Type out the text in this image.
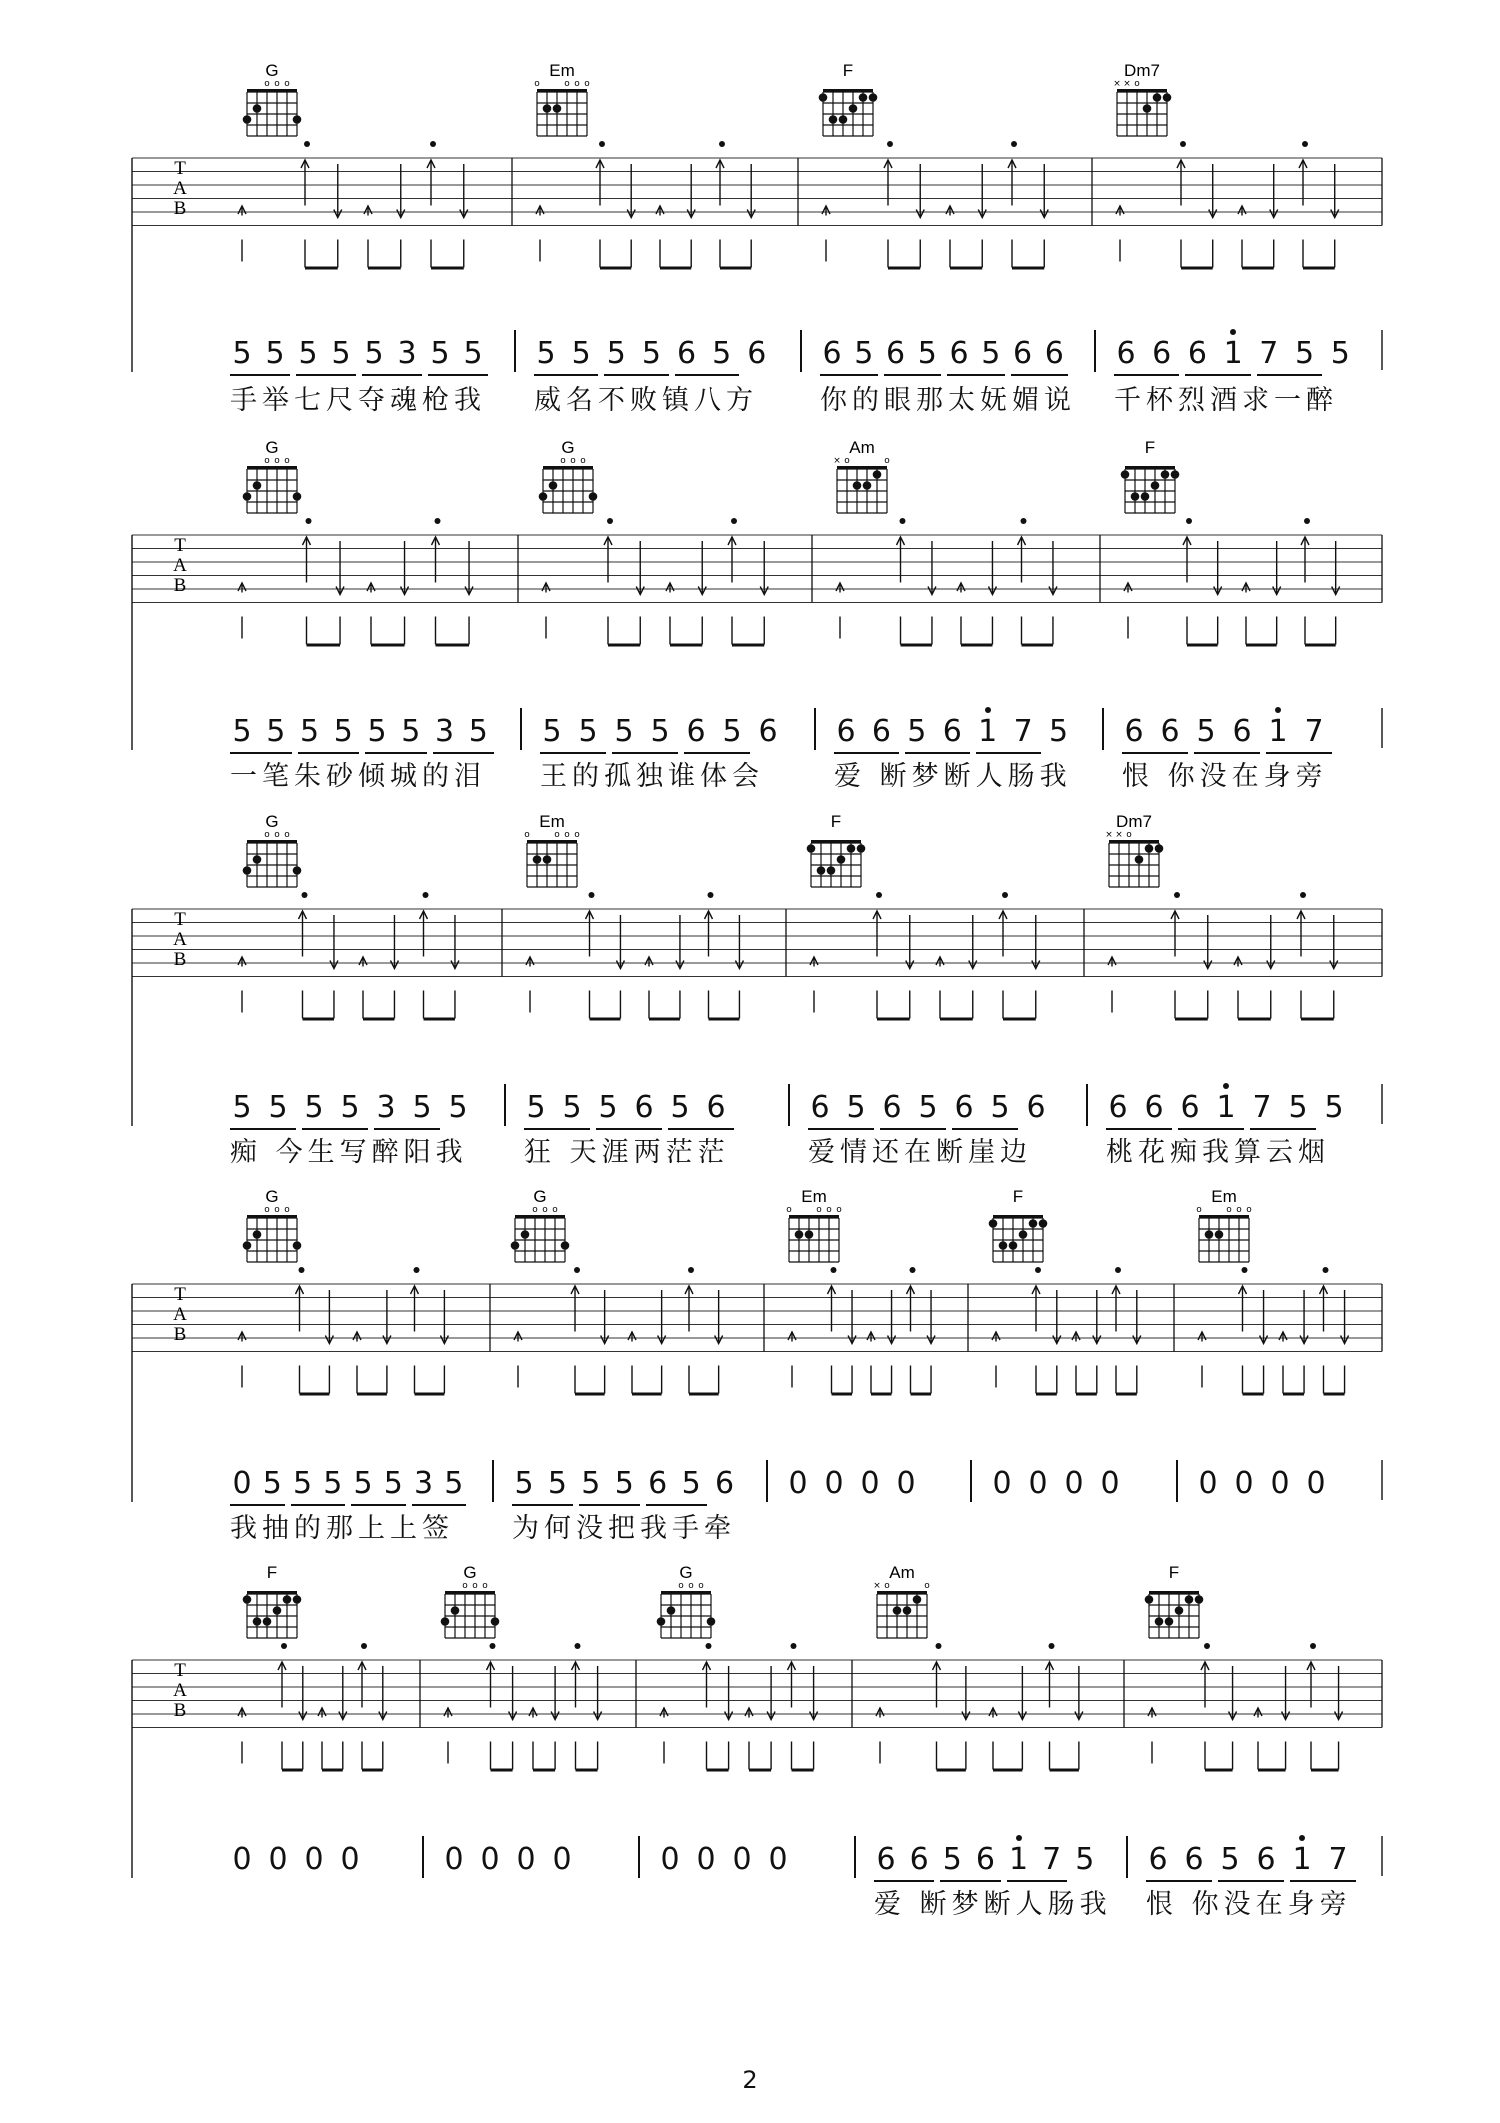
T
A
B
G
o o o
Em
o	o o o
F	Dm7
× × o
T
A
B
G
o o o
G
o o o
Am
× o	o
F
T
A
B
G
o o o
Em
o	o o o
F	Dm7
× × o
T
A
B
G
o o o
G
o o o
Em
o	o o o
F	Em
o	o o o
T
A
B
F	G
o o o
G
o o o
Am
× o	o
F
5 5 5 5 5 3 5 5 5 5 5 5 6 5 6 6 5 6 5 6 5 6 6 6 6 6 1 7 5 5
手举七尺夺魂枪我 威名不败镇八方 你的眼那太妩媚说 千杯烈酒求一醉
5 5 5 5 5 5 3 5 5 5 5 5 6 5 6 6 6 5 6 1 7 5 6 6 5 6 1 7
一笔朱砂倾城的泪 王的孤独谁体会	爱 断梦断人肠我 恨 你没在身旁
5 5 5 5 3 5 5 5 5 5 6 5 6	6 5 6 5 6 5 6 6 6 6 1 7 5 5
痴 今生写醉阳我 狂 天涯两茫茫	爱情还在断崖边	桃花痴我算云烟
0 5 5 5 5 5 3 5 5 5 5 5 6 5 6 0 0 0 0	0 0 0 0	0 0 0 0
我抽的那上上签 为何没把我手牵
0 0 0 0	0 0 0 0	0 0 0 0	6 6 5 6 1 7 5 6 6 5 6 1 7
爱 断梦断人肠我 恨 你没在身旁
2
